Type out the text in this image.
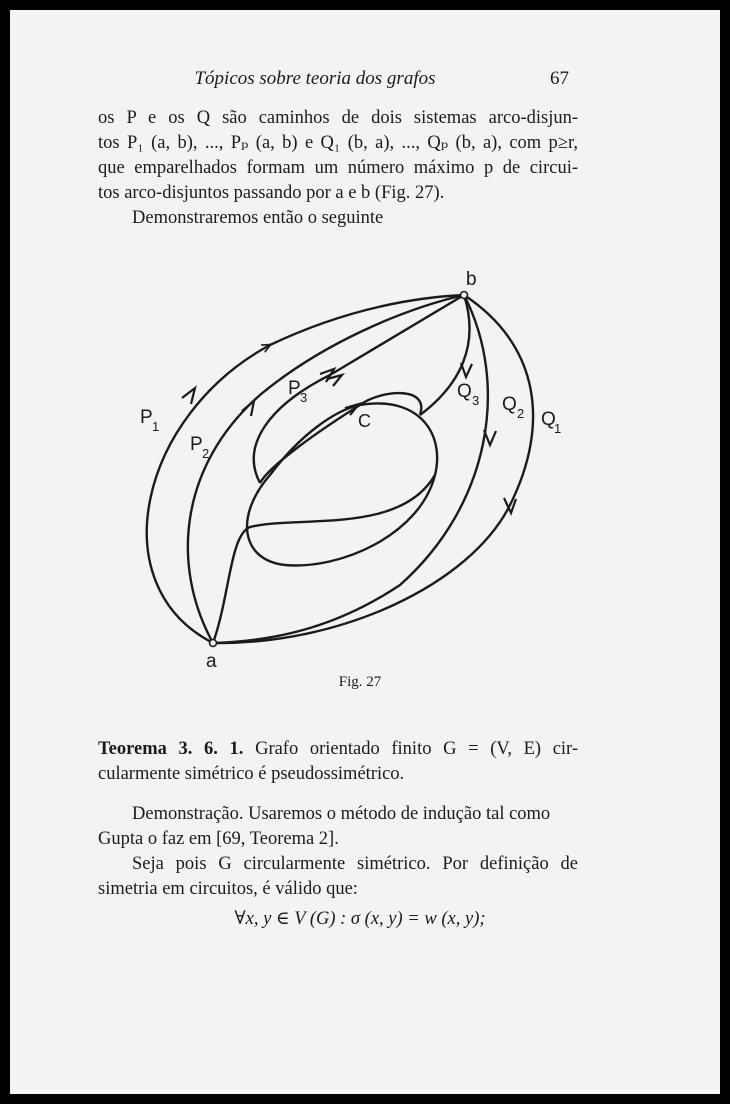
Tópicos sobre teoria dos grafos	67
os P e os Q são caminhos de dois sistemas arco-disjun-
tos P₁ (a, b), ..., Pₚ (a, b) e Q₁ (b, a), ..., Qₚ (b, a), com p≥r,
que emparelhados formam um número máximo p de circui-
tos arco-disjuntos passando por a e b (Fig. 27).
Demonstraremos então o seguinte
b
a
C
P 1
P 2
P 3	Q 3 Q 2 Q
1
Fig. 27
Teorema 3. 6. 1. Grafo orientado finito G = (V, E) cir-
cularmente simétrico é pseudossimétrico.
Demonstração. Usaremos o método de indução tal como
Gupta o faz em [69, Teorema 2].
Seja pois G circularmente simétrico. Por definição de
simetria em circuitos, é válido que:
∀x, y ∈ V (G) : σ (x, y) = w (x, y);
